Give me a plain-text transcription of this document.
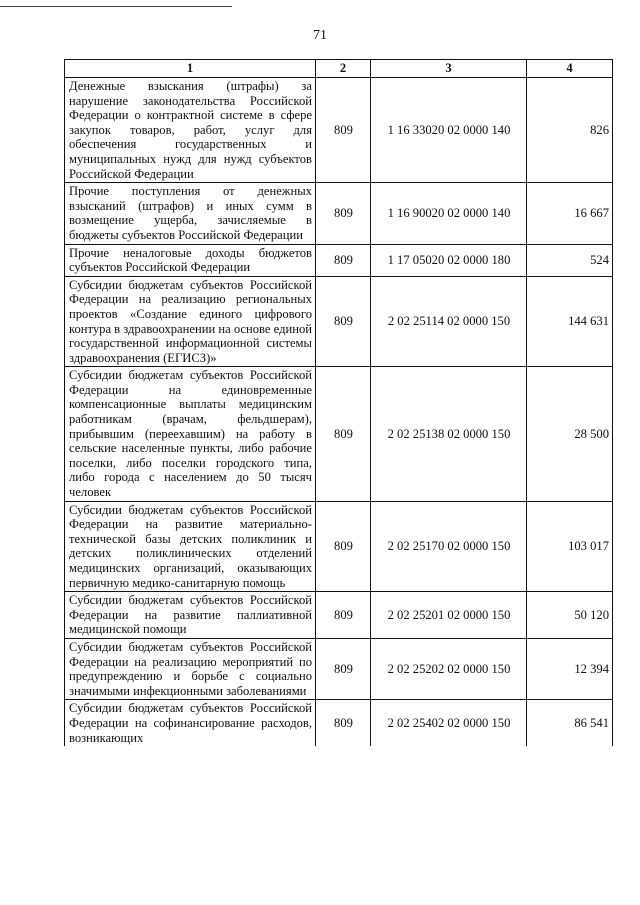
71
1	2	3	4
Денежные взыскания (штрафы) за нарушение законодательства Российской Федерации о контрактной системе в сфере закупок товаров, работ, услуг для обеспечения государственных и муниципальных нужд для нужд субъектов Российской Федерации	809	1 16 33020 02 0000 140	826
Прочие поступления от денежных взысканий (штрафов) и иных сумм в возмещение ущерба, зачисляемые в бюджеты субъектов Российской Федерации	809	1 16 90020 02 0000 140	16 667
Прочие неналоговые доходы бюджетов субъектов Российской Федерации	809	1 17 05020 02 0000 180	524
Субсидии бюджетам субъектов Российской Федерации на реализацию региональных проектов «Создание единого цифрового контура в здравоохранении на основе единой государственной информационной системы здравоохранения (ЕГИСЗ)»	809	2 02 25114 02 0000 150	144 631
Субсидии бюджетам субъектов Российской Федерации на единовременные компенсационные выплаты медицинским работникам (врачам, фельдшерам), прибывшим (переехавшим) на работу в сельские населенные пункты, либо рабочие поселки, либо поселки городского типа, либо города с населением до 50 тысяч человек	809	2 02 25138 02 0000 150	28 500
Субсидии бюджетам субъектов Российской Федерации на развитие материально-технической базы детских поликлиник и детских поликлинических отделений медицинских организаций, оказывающих первичную медико-санитарную помощь	809	2 02 25170 02 0000 150	103 017
Субсидии бюджетам субъектов Российской Федерации на развитие паллиативной медицинской помощи	809	2 02 25201 02 0000 150	50 120
Субсидии бюджетам субъектов Российской Федерации на реализацию мероприятий по предупреждению и борьбе с социально значимыми инфекционными заболеваниями	809	2 02 25202 02 0000 150	12 394
Субсидии бюджетам субъектов Российской Федерации на софинансирование расходов, возникающих	809	2 02 25402 02 0000 150	86 541
